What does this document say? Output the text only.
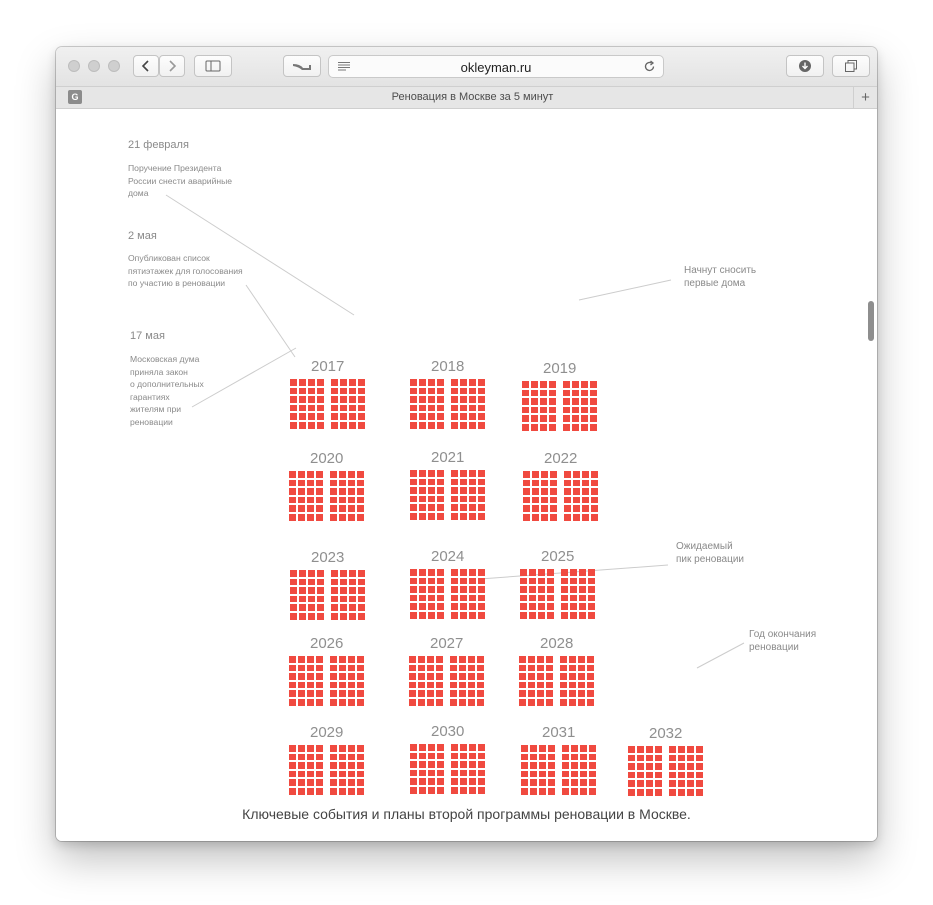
okleyman.ru
G	Реновация в Москве за 5 минут	+
21 февраля
Поручение Президента
России снести аварийные
дома
2 мая
Опубликован список
пятиэтажек для голосования
по участию в реновации
17 мая
Московская дума
приняла закон
о дополнительных
гарантиях
жителям при
реновации
Начнут сносить
первые дома
Ожидаемый
пик реновации
Год окончания
реновации
2017	2018	2019
2020	2021	2022
2023	2024	2025
2026	2027	2028
2029	2030	2031	2032
Ключевые события и планы второй программы реновации в Москве.
